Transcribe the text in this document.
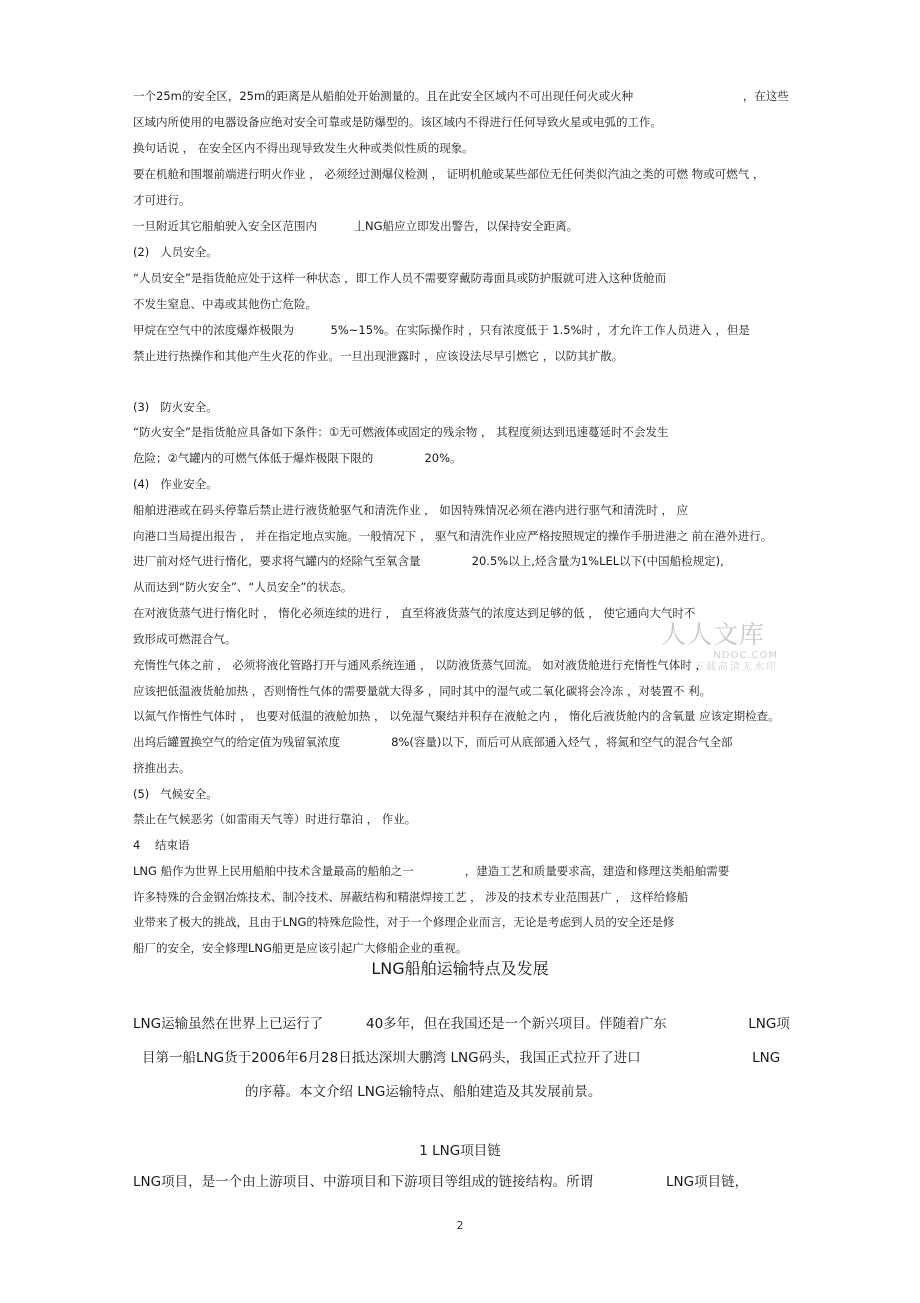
人人文库
NDOC.COM
下载高清无水印
一个25m的安全区，25m的距离是从船舶处开始测量的。且在此安全区域内不可出现任何火或火种                              ，在这些
区域内所使用的电器设备应绝对安全可靠或是防爆型的。该区域内不得进行任何导致火星或电弧的工作。
换句话说 ， 在安全区内不得出现导致发生火种或类似性质的现象。
要在机舱和围堰前端进行明火作业 ， 必须经过测爆仪检测 ， 证明机舱或某些部位无任何类似汽油之类的可燃 物或可燃气 ，
才可进行。
一旦附近其它船舶驶入安全区范围内          丄NG船应立即发出警告，以保持安全距离。
(2)   人员安全。
“人员安全”是指货舱应处于这样一种状态 ，即工作人员不需要穿戴防毒面具或防护服就可进入这种货舱而
不发生窒息、中毒或其他伤亡危险。
甲烷在空气中的浓度爆炸极限为          5%~15%。在实际操作时 ，只有浓度低于 1.5%时 ，才允许工作人员进入 ，但是
禁止进行热操作和其他产生火花的作业。一旦出现泄露时 ，应该设法尽早引燃它 ，以防其扩散。
(3)   防火安全。
“防火安全”是指货舱应具备如下条件：①无可燃液体或固定的残余物 ， 其程度须达到迅速蔓延时不会发生
危险；②气罐内的可燃气体低于爆炸极限下限的              20%。
(4)   作业安全。
船舶进港或在码头停靠后禁止进行液货舱驱气和清洗作业 ， 如因特殊情况必须在港内进行驱气和清洗时 ， 应
向港口当局提出报告 ， 并在指定地点实施。一般情况下 ， 驱气和清洗作业应严格按照规定的操作手册进港之 前在港外进行。
进厂前对烃气进行惰化，要求将气罐内的烃除气至氧含量              20.5%以上,烃含量为1%LEL以下(中国船检规定),
从而达到“防火安全”、“人员安全”的状态。
在对液货蒸气进行惰化时 ， 惰化必须连续的进行 ， 直至将液货蒸气的浓度达到足够的低 ， 使它通向大气时不
致形成可燃混合气。
充惰性气体之前 ， 必须将液化管路打开与通风系统连通 ， 以防液货蒸气回流。 如对液货舱进行充惰性气体时 ，
应该把低温液货舱加热 ，否则惰性气体的需要量就大得多 ，同时其中的湿气或二氧化碳将会冷冻 ，对装置不 利。
以氮气作惰性气体时 ， 也要对低温的液舱加热 ， 以免湿气聚结并积存在液舱之内 ， 惰化后液货舱内的含氧量 应该定期检查。
出坞后罐置换空气的给定值为残留氧浓度              8%(容量)以下，而后可从底部通入烃气 ，将氮和空气的混合气全部
挤推出去。
(5)   气候安全。
禁止在气候恶劣（如雷雨天气等）时进行靠泊 ， 作业。
4    结束语
LNG 船作为世界上民用船舶中技术含量最高的船舶之一              ，建造工艺和质量要求高，建造和修理这类船舶需要
许多特殊的合金钢冶炼技术、制冷技术、屏蔽结构和精湛焊接工艺 ， 涉及的技术专业范围甚广 ， 这样给修船
业带来了极大的挑战，且由于LNG的特殊危险性，对于一个修理企业而言，无论是考虑到人员的安全还是修
船厂的安全，安全修理LNG船更是应该引起广大修船企业的重视。
LNG船舶运输特点及发展
LNG运输虽然在世界上已运行了          40多年，但在我国还是一个新兴项目。伴随着广东                   LNG项
目第一船LNG货于2006年6月28日抵达深圳大鹏湾 LNG码头，我国正式拉开了进口                          LNG
的序幕。本文介绍 LNG运输特点、船舶建造及其发展前景。
1 LNG项目链
LNG项目，是一个由上游项目、中游项目和下游项目等组成的链接结构。所谓                 LNG项目链，
2
